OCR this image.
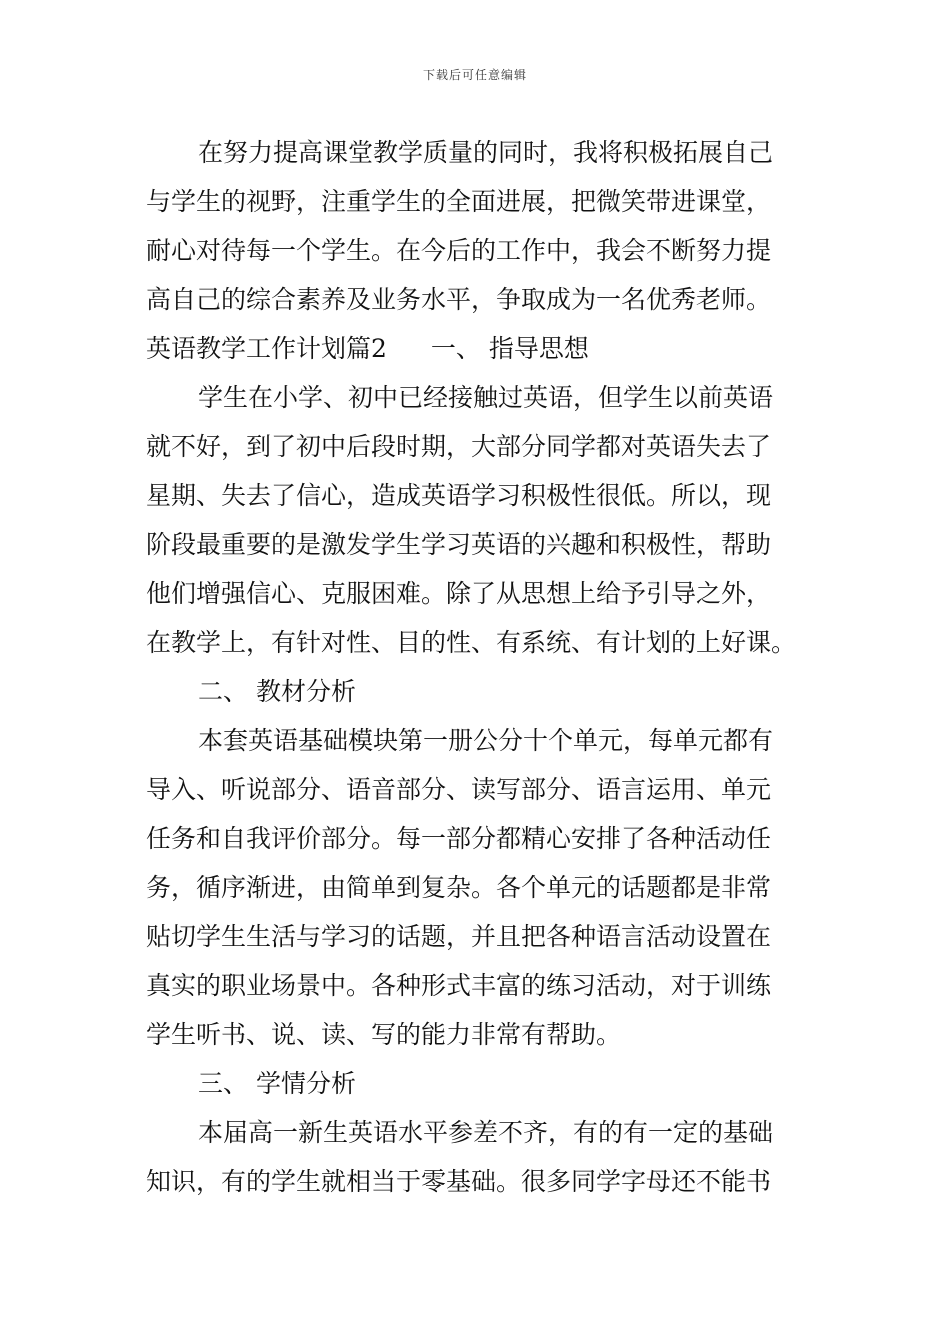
下载后可任意编辑
在努力提高课堂教学质量的同时，我将积极拓展自己
与学生的视野，注重学生的全面进展，把微笑带进课堂，
耐心对待每一个学生。在今后的工作中，我会不断努力提
高自己的综合素养及业务水平，争取成为一名优秀老师。
英语教学工作计划篇2 一、 指导思想
学生在小学、初中已经接触过英语，但学生以前英语
就不好，到了初中后段时期，大部分同学都对英语失去了
星期、失去了信心，造成英语学习积极性很低。所以，现
阶段最重要的是激发学生学习英语的兴趣和积极性，帮助
他们增强信心、克服困难。除了从思想上给予引导之外，
在教学上，有针对性、目的性、有系统、有计划的上好课。
二、 教材分析
本套英语基础模块第一册公分十个单元，每单元都有
导入、听说部分、语音部分、读写部分、语言运用、单元
任务和自我评价部分。每一部分都精心安排了各种活动任
务，循序渐进，由简单到复杂。各个单元的话题都是非常
贴切学生生活与学习的话题，并且把各种语言活动设置在
真实的职业场景中。各种形式丰富的练习活动，对于训练
学生听书、说、读、写的能力非常有帮助。
三、 学情分析
本届高一新生英语水平参差不齐，有的有一定的基础
知识，有的学生就相当于零基础。很多同学字母还不能书
